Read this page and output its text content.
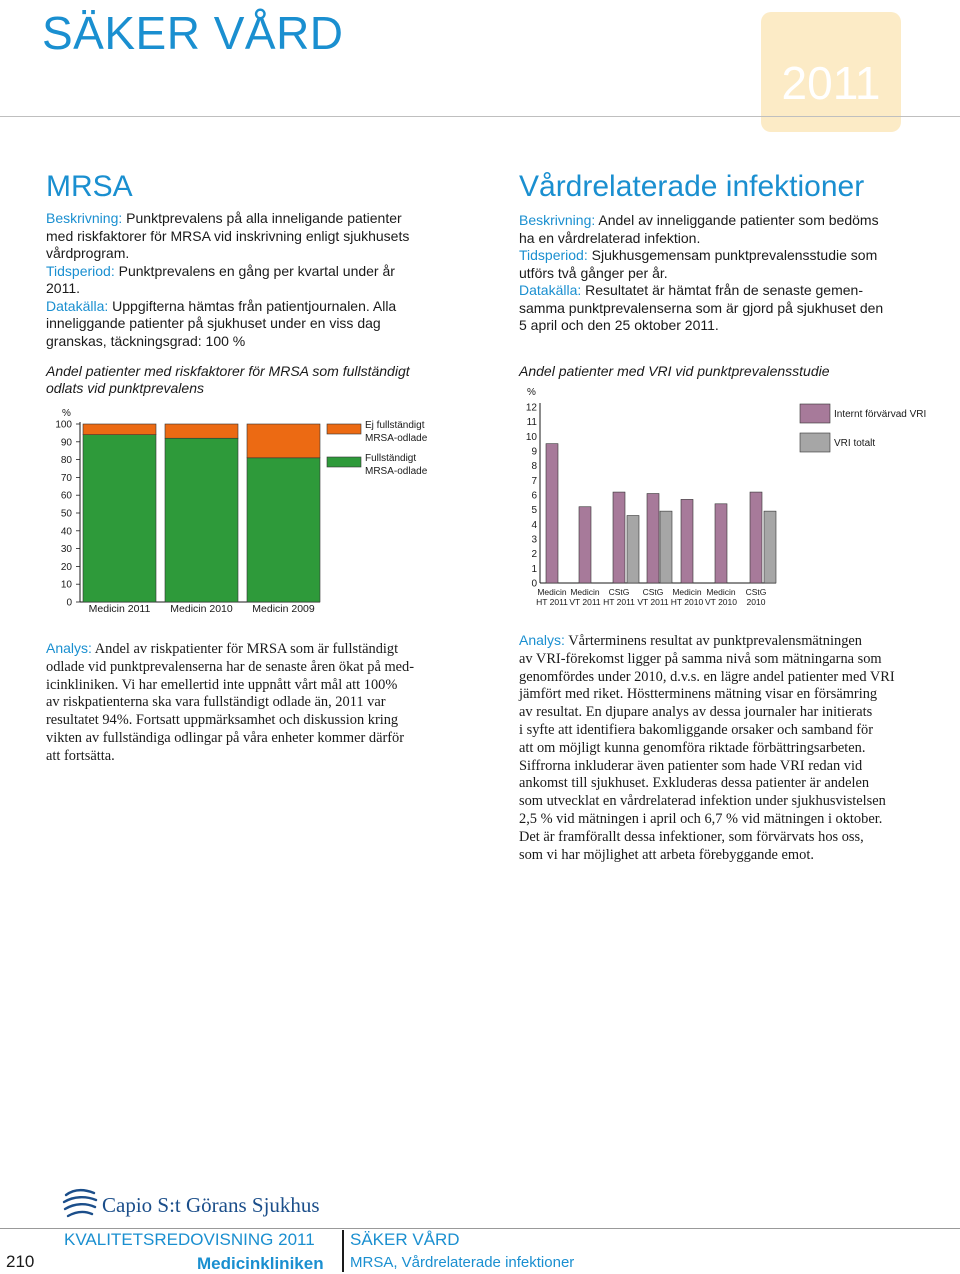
SÄKER VÅRD
2011
MRSA
Beskrivning: Punktprevalens på alla inneligande patienter
med riskfaktorer för MRSA vid inskrivning enligt sjukhusets
vårdprogram.
Tidsperiod: Punktprevalens en gång per kvartal under år
2011.
Datakälla: Uppgifterna hämtas från patientjournalen. Alla
inneliggande patienter på sjukhuset under en viss dag
granskas, täckningsgrad: 100 %
Andel patienter med riskfaktorer för MRSA som fullständigt
odlats vid punktprevalens
%
0
10
20
30
40
50
60
70
80
90
100
Medicin 2011 Medicin 2010 Medicin 2009
Ej fullständigt
MRSA-odlade
Fullständigt
MRSA-odlade
Analys: Andel av riskpatienter för MRSA som är fullständigt
odlade vid punktprevalenserna har de senaste åren ökat på med-
icinkliniken. Vi har emellertid inte uppnått vårt mål att 100%
av riskpatienterna ska vara fullständigt odlade än, 2011 var
resultatet 94%. Fortsatt uppmärksamhet och diskussion kring
vikten av fullständiga odlingar på våra enheter kommer därför
att fortsätta.
Vårdrelaterade infektioner
Beskrivning: Andel av inneliggande patienter som bedöms
ha en vårdrelaterad infektion.
Tidsperiod: Sjukhusgemensam punktprevalensstudie som
utförs två gånger per år.
Datakälla: Resultatet är hämtat från de senaste gemen-
samma punktprevalenserna som är gjord på sjukhuset den
5 april och den 25 oktober 2011.
Andel patienter med VRI vid punktprevalensstudie
%
0
1
2
3
4
5
6
7
8
9
10
11
12
Medicin
HT 2011
Medicin
VT 2011
CStG
HT 2011
CStG
VT 2011
Medicin
HT 2010
Medicin
VT 2010
CStG
2010
Internt förvärvad VRI
VRI totalt
Analys: Vårterminens resultat av punktprevalensmätningen
av VRI-förekomst ligger på samma nivå som mätningarna som
genomfördes under 2010, d.v.s. en lägre andel patienter med VRI
jämfört med riket. Höstterminens mätning visar en försämring
av resultat. En djupare analys av dessa journaler har initierats
i syfte att identifiera bakomliggande orsaker och samband för
att om möjligt kunna genomföra riktade förbättringsarbeten.
Siffrorna inkluderar även patienter som hade VRI redan vid
ankomst till sjukhuset. Exkluderas dessa patienter är andelen
som utvecklat en vårdrelaterad infektion under sjukhusvistelsen
2,5 % vid mätningen i april och 6,7 % vid mätningen i oktober.
Det är framförallt dessa infektioner, som förvärvats hos oss,
som vi har möjlighet att arbeta förebyggande emot.
Capio S:t Görans Sjukhus
210
KVALITETSREDOVISNING 2011
Medicinkliniken
SÄKER VÅRD
MRSA, Vårdrelaterade infektioner
